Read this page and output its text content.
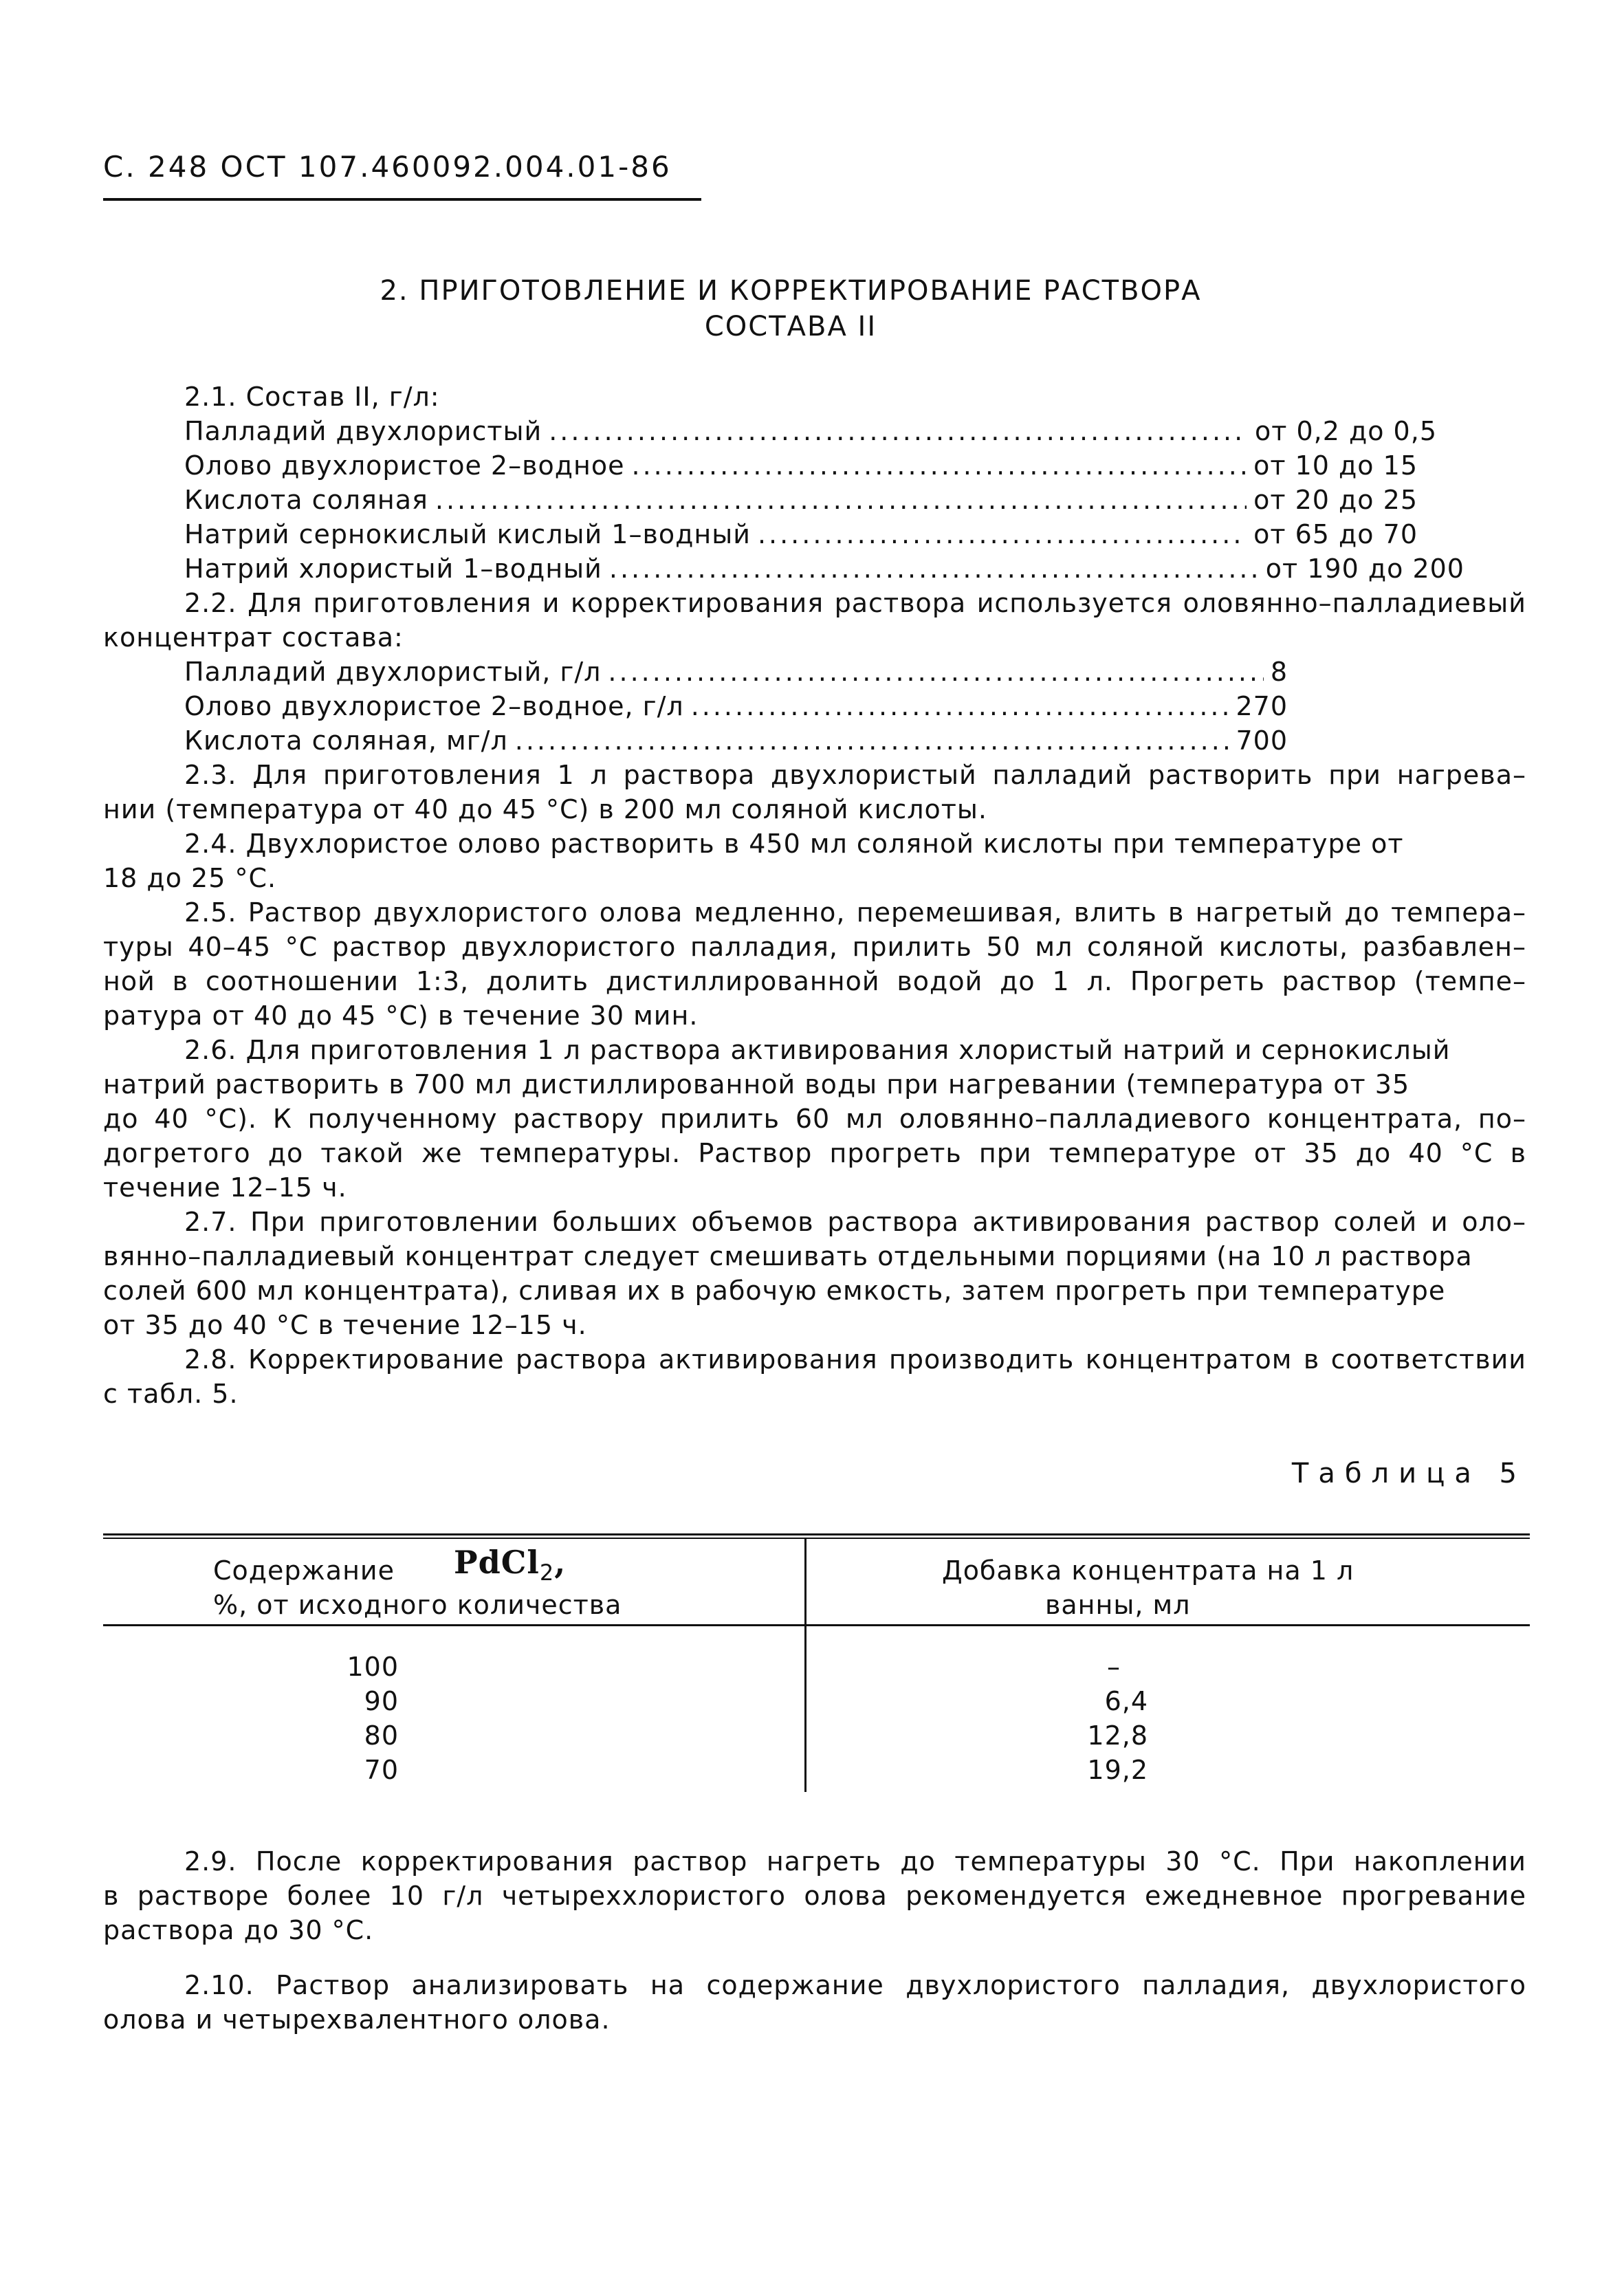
С. 248 ОСТ 107.460092.004.01-86
2. ПРИГОТОВЛЕНИЕ И КОРРЕКТИРОВАНИЕ РАСТВОРА
СОСТАВА II
2.1. Состав II, г/л:
Палладий двухлористый .....	от 0,2 до 0,5
Олово двухлористое 2–водное .....	от 10 до 15
Кислота соляная .....	от 20 до 25
Натрий сернокислый кислый 1–водный .....	от 65 до 70
Натрий хлористый 1–водный .....	от 190 до 200
2.2. Для приготовления и корректирования раствора используется оловянно–палладиевый
концентрат состава:
Палладий двухлористый, г/л .....	8
Олово двухлористое 2–водное, г/л .....	270
Кислота соляная, мг/л .....	700
2.3. Для приготовления 1 л раствора двухлористый палладий растворить при нагрева–
нии (температура от 40 до 45 °С) в 200 мл соляной кислоты.
2.4. Двухлористое олово растворить в 450 мл соляной кислоты при температуре от
18 до 25 °С.
2.5. Раствор двухлористого олова медленно, перемешивая, влить в нагретый до темпера–
туры 40–45 °С раствор двухлористого палладия, прилить 50 мл соляной кислоты, разбавлен–
ной в соотношении 1:3, долить дистиллированной водой до 1 л. Прогреть раствор (темпе–
ратура от 40 до 45 °С) в течение 30 мин.
2.6. Для приготовления 1 л раствора активирования хлористый натрий и сернокислый
натрий растворить в 700 мл дистиллированной воды при нагревании (температура от 35
до 40 °С). К полученному раствору прилить 60 мл оловянно–палладиевого концентрата, по–
догретого до такой же температуры. Раствор прогреть при температуре от 35 до 40 °С в
течение 12–15 ч.
2.7. При приготовлении больших объемов раствора активирования раствор солей и оло–
вянно–палладиевый концентрат следует смешивать отдельными порциями (на 10 л раствора
солей 600 мл концентрата), сливая их в рабочую емкость, затем прогреть при температуре
от 35 до 40 °С в течение 12–15 ч.
2.8. Корректирование раствора активирования производить концентратом в соответствии
с табл. 5.
Таблица 5
Содержание PdCl$_2$,
%, от исходного количества
Добавка концентрата на 1 л
ванны, мл
100	–
90	6,4
80	12,8
70	19,2
2.9. После корректирования раствор нагреть до температуры 30 °С. При накоплении
в растворе более 10 г/л четыреххлористого олова рекомендуется ежедневное прогревание
раствора до 30 °С.
2.10. Раствор анализировать на содержание двухлористого палладия, двухлористого
олова и четырехвалентного олова.
